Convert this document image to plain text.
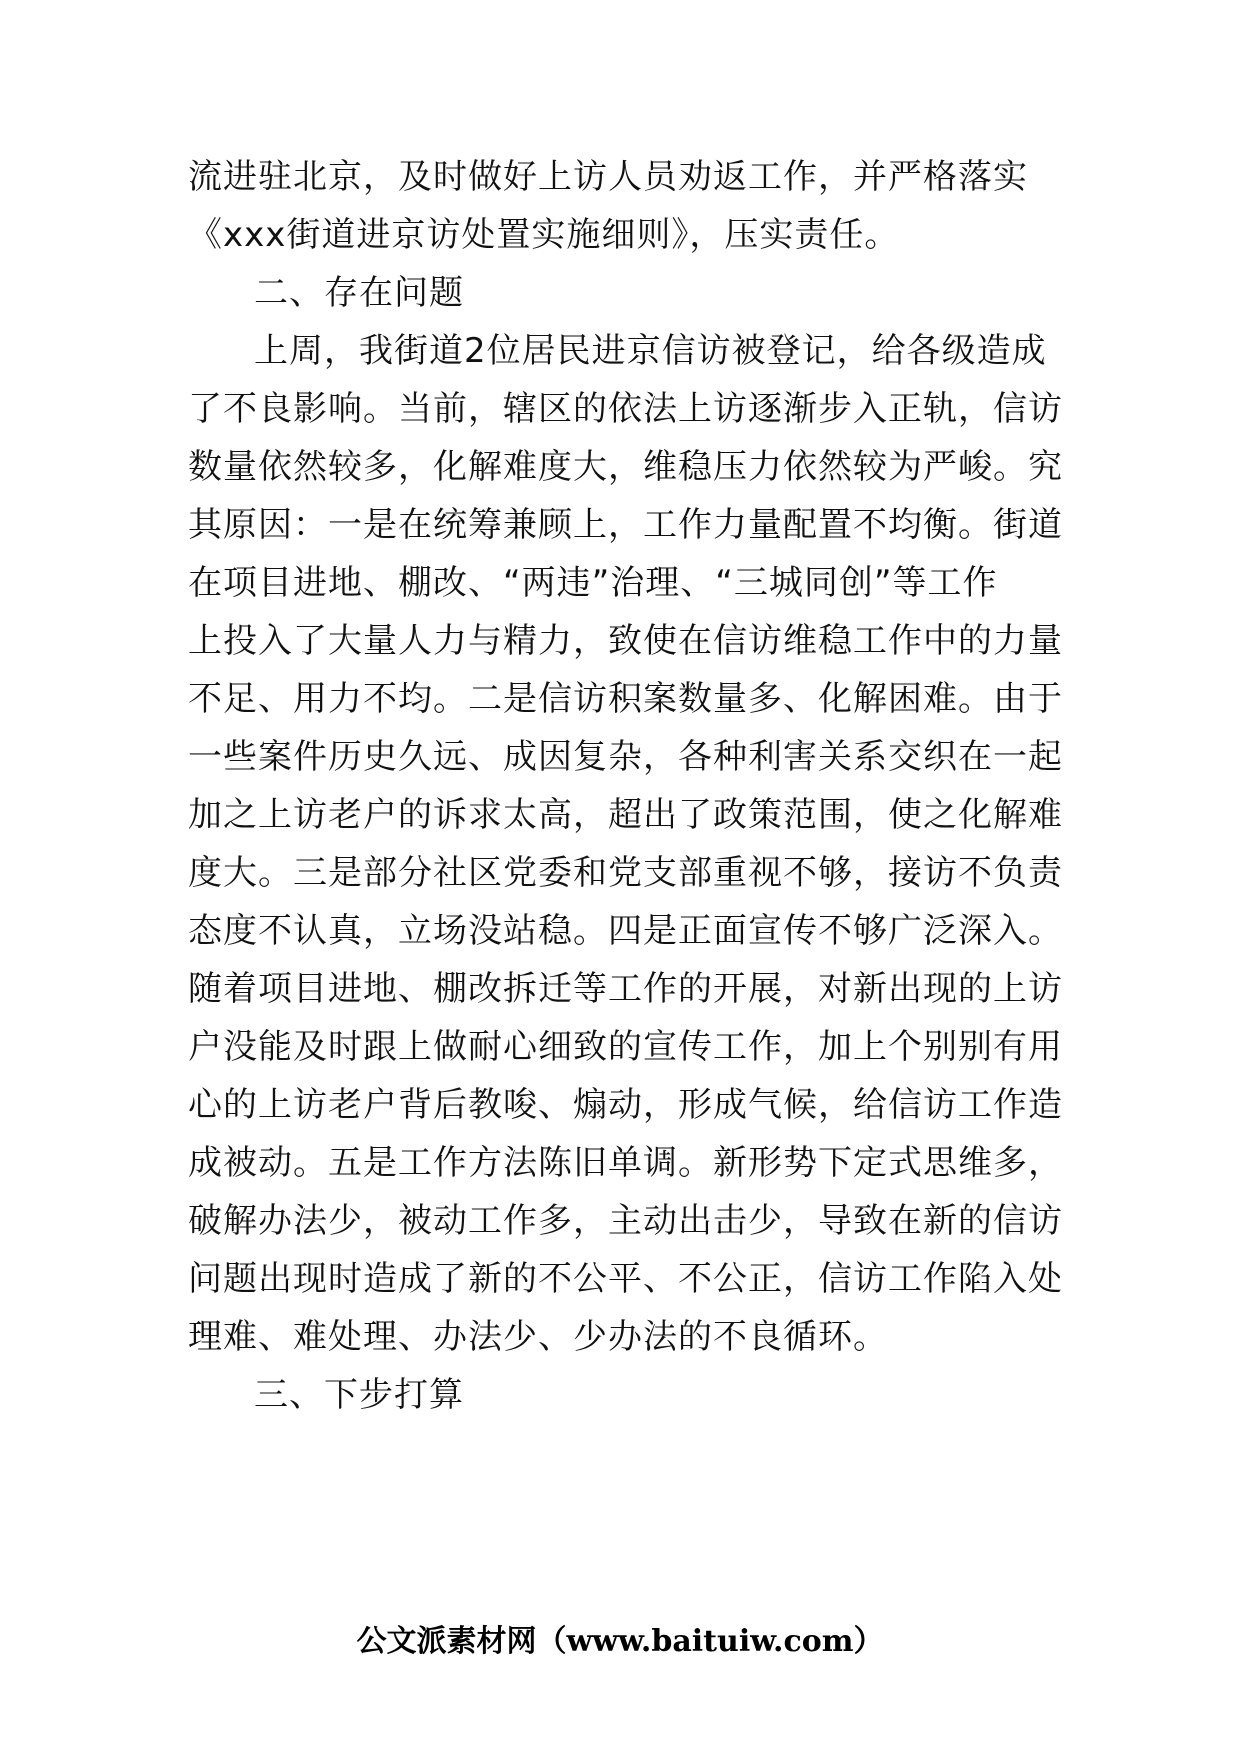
流进驻北京，及时做好上访人员劝返工作，并严格落实
《xxx街道进京访处置实施细则》，压实责任。
二、存在问题
上周，我街道2位居民进京信访被登记，给各级造成
了不良影响。当前，辖区的依法上访逐渐步入正轨，信访
数量依然较多，化解难度大，维稳压力依然较为严峻。究
其原因：一是在统筹兼顾上，工作力量配置不均衡。街道
在项目进地、棚改、“两违”治理、“三城同创”等工作
上投入了大量人力与精力，致使在信访维稳工作中的力量
不足、用力不均。二是信访积案数量多、化解困难。由于
一些案件历史久远、成因复杂，各种利害关系交织在一起
加之上访老户的诉求太高，超出了政策范围，使之化解难
度大。三是部分社区党委和党支部重视不够，接访不负责
态度不认真，立场没站稳。四是正面宣传不够广泛深入。
随着项目进地、棚改拆迁等工作的开展，对新出现的上访
户没能及时跟上做耐心细致的宣传工作，加上个别别有用
心的上访老户背后教唆、煽动，形成气候，给信访工作造
成被动。五是工作方法陈旧单调。新形势下定式思维多，
破解办法少，被动工作多，主动出击少，导致在新的信访
问题出现时造成了新的不公平、不公正，信访工作陷入处
理难、难处理、办法少、少办法的不良循环。
三、下步打算
公文派素材网（www.baituiw.com）
